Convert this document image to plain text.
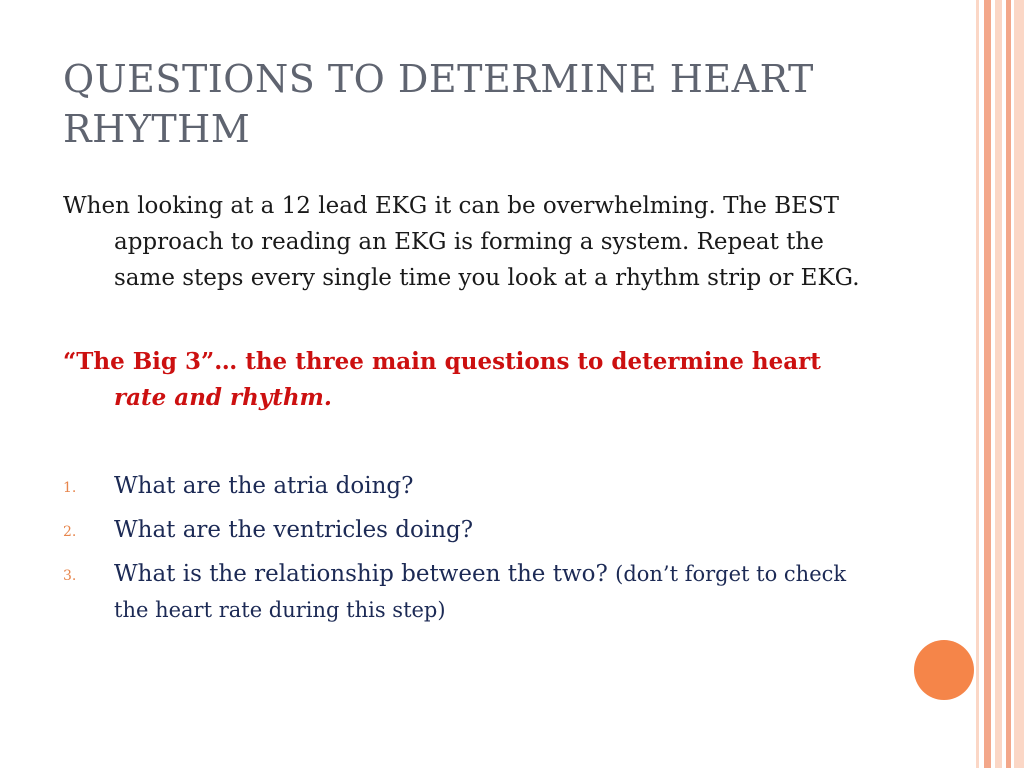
QUESTIONS TO DETERMINE HEART RHYTHM

When looking at a 12 lead EKG it can be overwhelming. The BEST approach to reading an EKG is forming a system. Repeat the same steps every single time you look at a rhythm strip or EKG.

“The Big 3”… the three main questions to determine heart rate and rhythm.

1. What are the atria doing?
2. What are the ventricles doing?
3. What is the relationship between the two? (don’t forget to check the heart rate during this step)
